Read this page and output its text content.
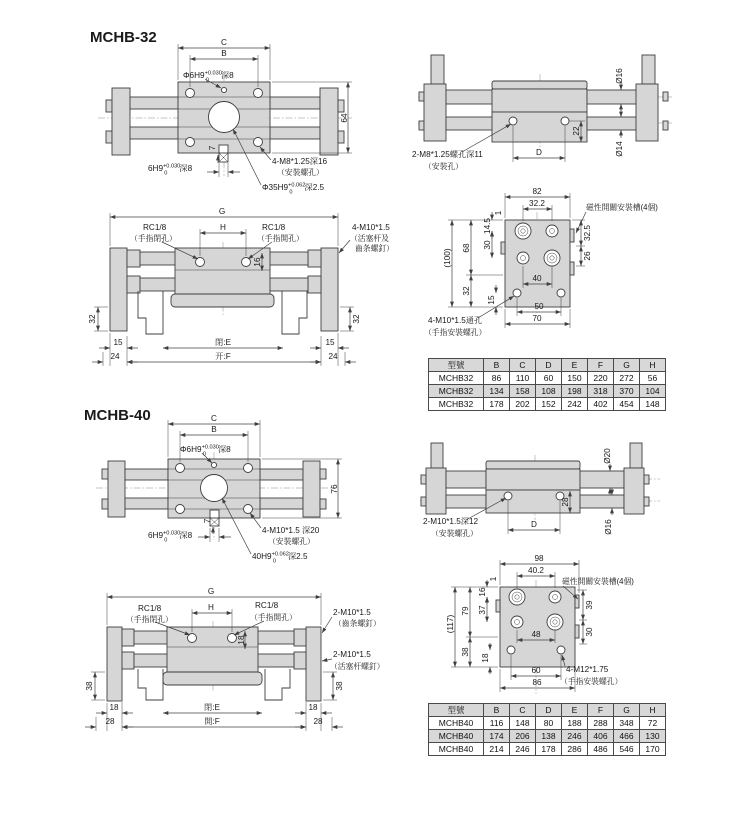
MCHB-32	C
B
64
7
$\Phi 6H9^{+0.030}$ 0深8
$6H9^{+0.030}$ 0深8
4-M8*1.25深16
（安裝螺孔）
$\Phi 35H9^{+0.062}$ 0深2.5
Ø16
Ø14
22
D
2-M8*1.25螺孔深11
（安裝孔）
G
H
16
RC1/8
（手指閉孔）
RC1/8
（手指開孔）
4-M10*1.5
（活塞杆及
齒条螺釘）
32	32
15	15
24	24
閉:E
开:F
82
32.2
1
14.5
30
68
32
(100)
15
32.5
26
40
50
70
磁性開關安裝槽(4個)
4-M10*1.5通孔
（手指安裝螺孔）
MCHB-40	C
B
76
7
$\Phi 6H9^{+0.030}$ 0深8
$6H9^{+0.030}$ 0深8
4-M10*1.5 深20
（安裝螺孔）
$40H9^{+0.062}$ 0深2.5
Ø20
Ø16
28
D
2-M10*1.5深12
（安裝螺孔）
G
H
18
RC1/8
（手指閉孔）
RC1/8
（手指開孔）
2-M10*1.5
（齒条螺釘）
2-M10*1.5
（活塞杆螺釘）
38	38
18	18
28	28
閉:E
開:F
98
40.2
1
16
37
79
(117)
38
18
39
30
48
60
86
磁性開關安裝槽(4個)
4-M12*1.75
（手指安裝螺孔）
型號	B	C	D	E	F	G	H
MCHB32	86	110	60	150	220	272	56
MCHB32	134	158	108	198	318	370	104
MCHB32	178	202	152	242	402	454	148
型號	B	C	D	E	F	G	H
MCHB40	116	148	80	188	288	348	72
MCHB40	174	206	138	246	406	466	130
MCHB40	214	246	178	286	486	546	170
